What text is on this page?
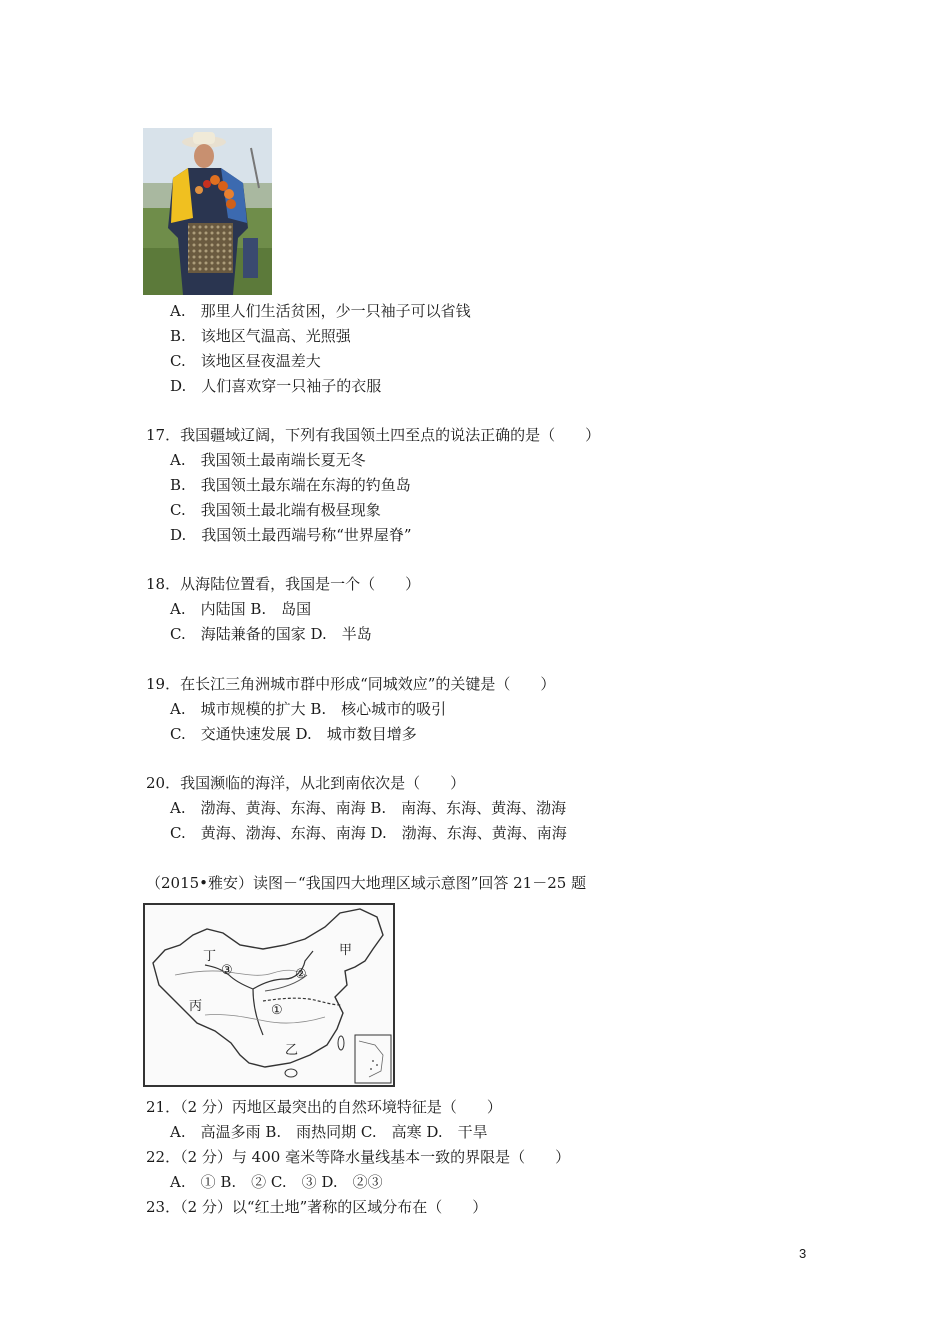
A.　那里人们生活贫困，少一只袖子可以省钱
B.　该地区气温高、光照强
C.　该地区昼夜温差大
D.　人们喜欢穿一只袖子的衣服
17．我国疆域辽阔，下列有我国领土四至点的说法正确的是（　　）
A.　我国领土最南端长夏无冬
B.　我国领土最东端在东海的钓鱼岛
C.　我国领土最北端有极昼现象
D.　我国领土最西端号称“世界屋脊”
18．从海陆位置看，我国是一个（　　）
A.　内陆国 B.　岛国
C.　海陆兼备的国家 D.　半岛
19．在长江三角洲城市群中形成“同城效应”的关键是（　　）
A.　城市规模的扩大 B.　核心城市的吸引
C.　交通快速发展 D.　城市数目增多
20．我国濒临的海洋，从北到南依次是（　　）
A.　渤海、黄海、东海、南海 B.　南海、东海、黄海、渤海
C.　黄海、渤海、东海、南海 D.　渤海、东海、黄海、南海
（2015•雅安）读图－“我国四大地理区域示意图”回答 21－25 题
丁
③
丙
甲
②
①
乙
21．（2 分）丙地区最突出的自然环境特征是（　　）
A.　高温多雨 B.　雨热同期 C.　高寒 D.　干旱
22．（2 分）与 400 毫米等降水量线基本一致的界限是（　　）
A.　① B.　② C.　③ D.　②③
23．（2 分）以“红土地”著称的区域分布在（　　）
3
